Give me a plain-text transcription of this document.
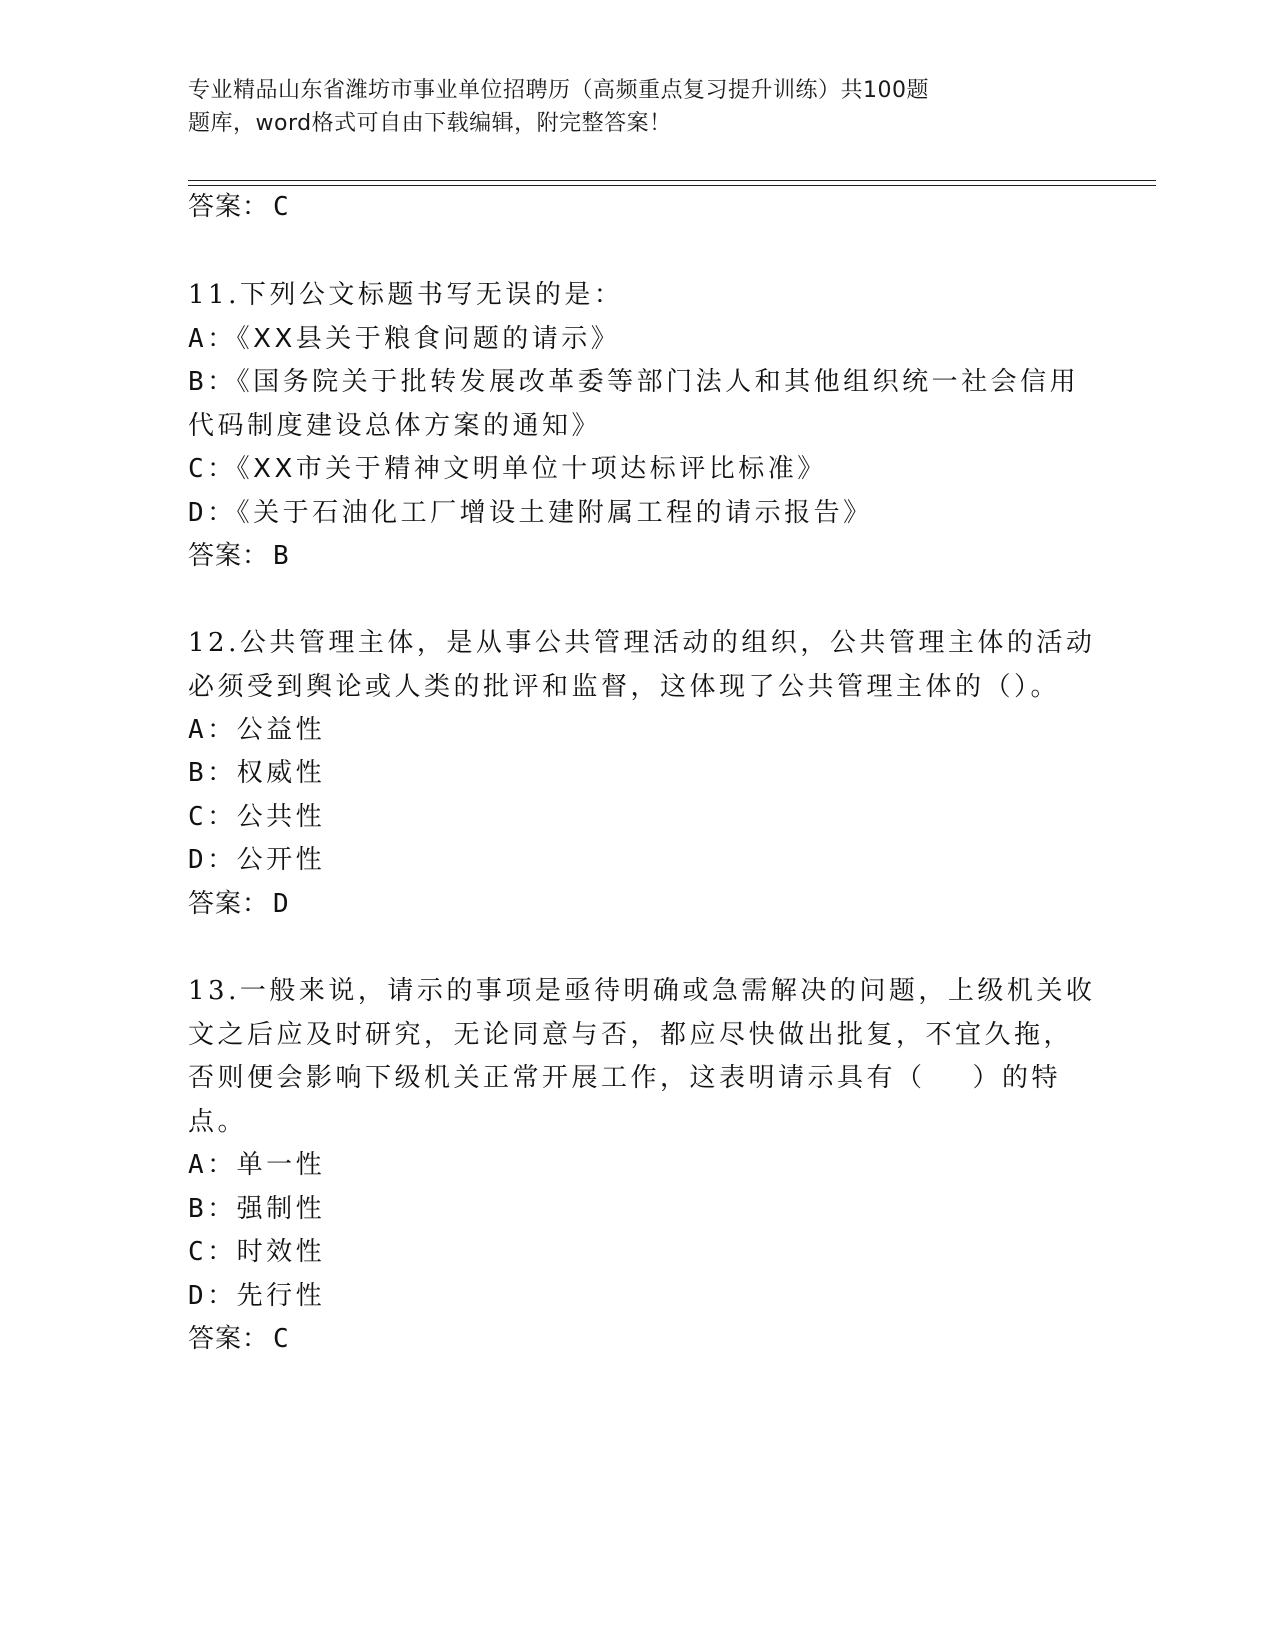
专业精品山东省潍坊市事业单位招聘历（高频重点复习提升训练）共100题
题库，word格式可自由下载编辑，附完整答案！
答案： C
11.下列公文标题书写无误的是：
A：《XX县关于粮食问题的请示》
B：《国务院关于批转发展改革委等部门法人和其他组织统一社会信用
代码制度建设总体方案的通知》
C：《XX市关于精神文明单位十项达标评比标准》
D：《关于石油化工厂增设土建附属工程的请示报告》
答案： B
12.公共管理主体，是从事公共管理活动的组织，公共管理主体的活动
必须受到舆论或人类的批评和监督，这体现了公共管理主体的（）。
A：公益性
B：权威性
C：公共性
D：公开性
答案： D
13.一般来说，请示的事项是亟待明确或急需解决的问题，上级机关收
文之后应及时研究，无论同意与否，都应尽快做出批复，不宜久拖，
否则便会影响下级机关正常开展工作，这表明请示具有（    ）的特
点。
A：单一性
B：强制性
C：时效性
D：先行性
答案： C
